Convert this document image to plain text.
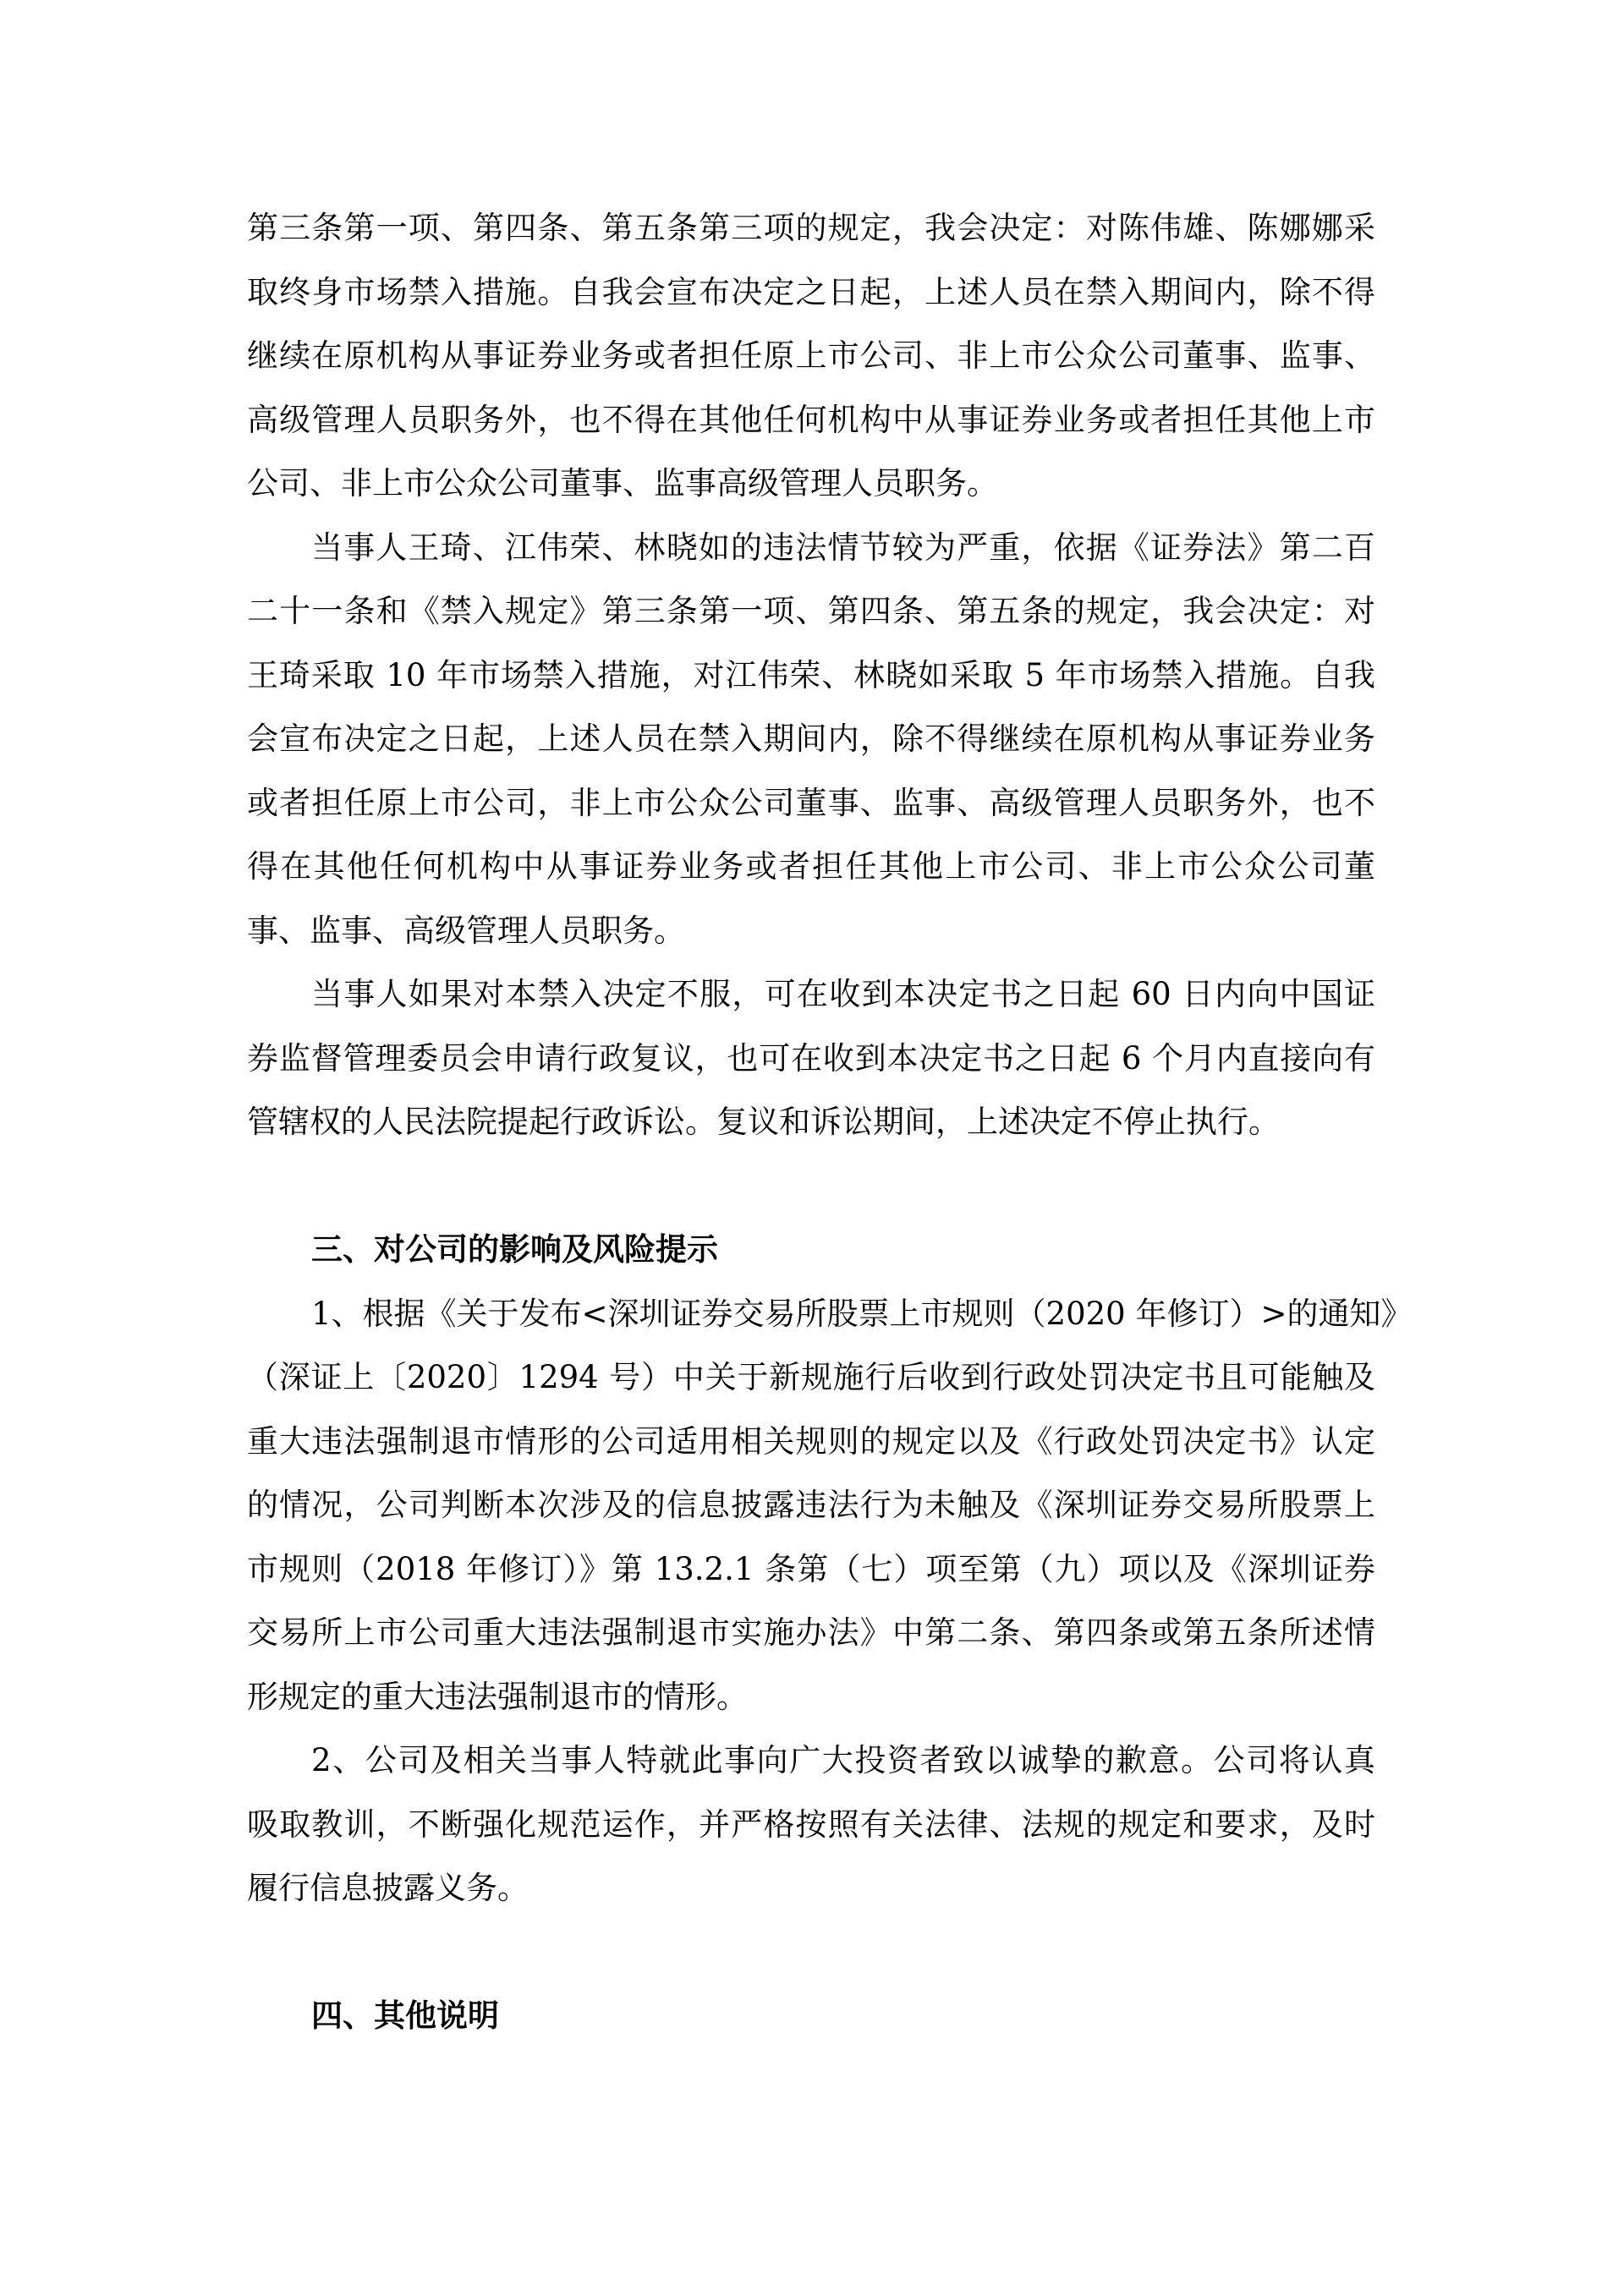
第三条第一项、第四条、第五条第三项的规定，我会决定：对陈伟雄、陈娜娜采
取终身市场禁入措施。自我会宣布决定之日起，上述人员在禁入期间内，除不得
继续在原机构从事证券业务或者担任原上市公司、非上市公众公司董事、监事、
高级管理人员职务外，也不得在其他任何机构中从事证券业务或者担任其他上市
公司、非上市公众公司董事、监事高级管理人员职务。
当事人王琦、江伟荣、林晓如的违法情节较为严重，依据《证券法》第二百
二十一条和《禁入规定》第三条第一项、第四条、第五条的规定，我会决定：对
王琦采取 10 年市场禁入措施，对江伟荣、林晓如采取 5 年市场禁入措施。自我
会宣布决定之日起，上述人员在禁入期间内，除不得继续在原机构从事证券业务
或者担任原上市公司，非上市公众公司董事、监事、高级管理人员职务外，也不
得在其他任何机构中从事证券业务或者担任其他上市公司、非上市公众公司董
事、监事、高级管理人员职务。
当事人如果对本禁入决定不服，可在收到本决定书之日起 60 日内向中国证
券监督管理委员会申请行政复议，也可在收到本决定书之日起 6 个月内直接向有
管辖权的人民法院提起行政诉讼。复议和诉讼期间，上述决定不停止执行。
三、对公司的影响及风险提示
1、根据《关于发布<深圳证券交易所股票上市规则（2020 年修订）>的通知》
（深证上〔2020〕1294 号）中关于新规施行后收到行政处罚决定书且可能触及
重大违法强制退市情形的公司适用相关规则的规定以及《行政处罚决定书》认定
的情况，公司判断本次涉及的信息披露违法行为未触及《深圳证券交易所股票上
市规则（2018 年修订）》第 13.2.1 条第（七）项至第（九）项以及《深圳证券
交易所上市公司重大违法强制退市实施办法》中第二条、第四条或第五条所述情
形规定的重大违法强制退市的情形。
2、公司及相关当事人特就此事向广大投资者致以诚挚的歉意。公司将认真
吸取教训，不断强化规范运作，并严格按照有关法律、法规的规定和要求，及时
履行信息披露义务。
四、其他说明
